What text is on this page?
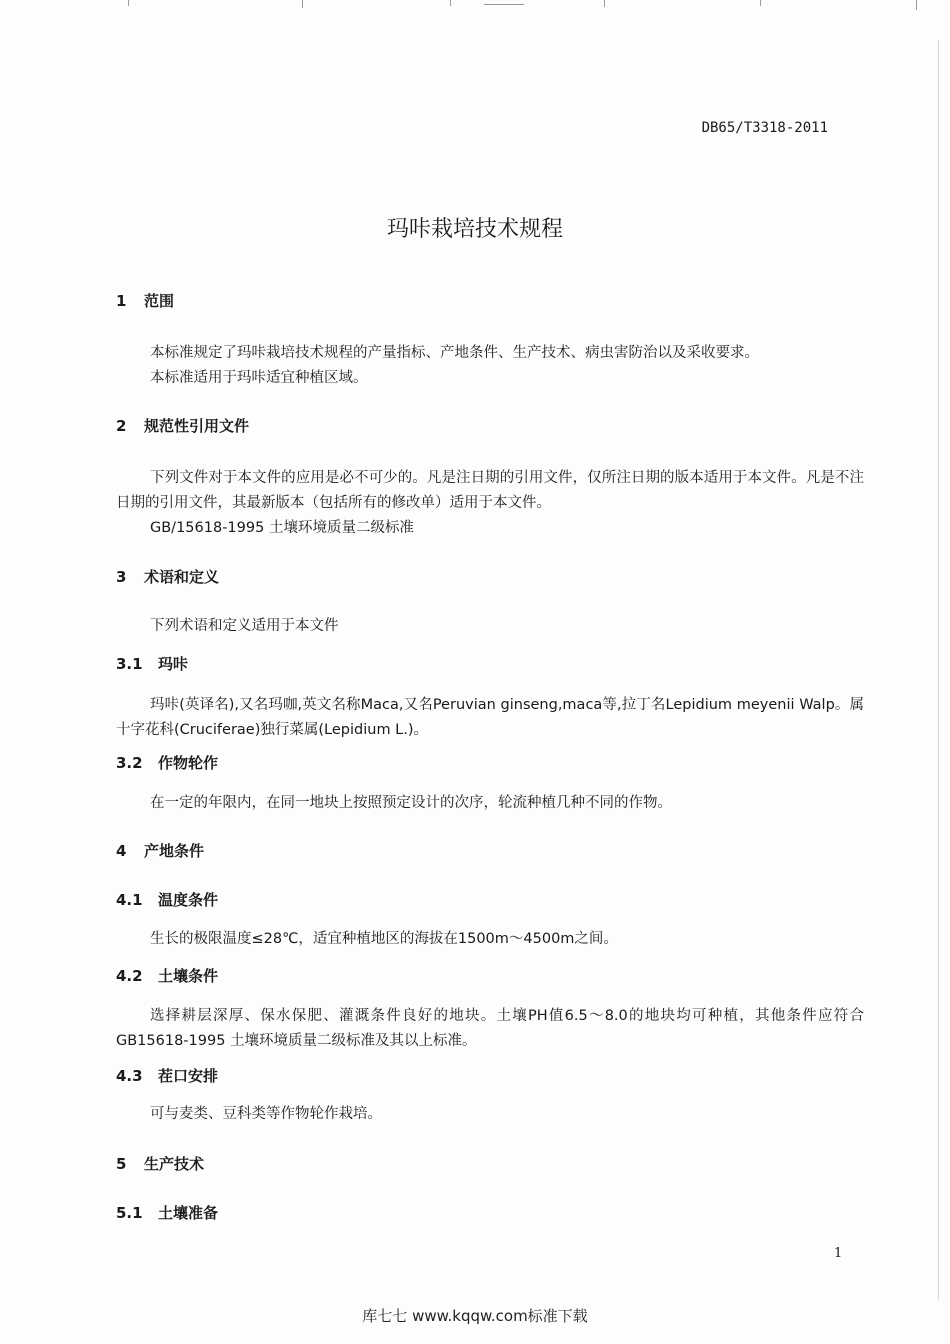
DB65/T3318-2011
玛咔栽培技术规程
1 范围
本标准规定了玛咔栽培技术规程的产量指标、产地条件、生产技术、病虫害防治以及采收要求。
本标准适用于玛咔适宜种植区域。
2 规范性引用文件
下列文件对于本文件的应用是必不可少的。凡是注日期的引用文件，仅所注日期的版本适用于本文件。凡是不注日期的引用文件，其最新版本（包括所有的修改单）适用于本文件。
GB/15618-1995 土壤环境质量二级标准
3 术语和定义
下列术语和定义适用于本文件
3.1 玛咔
玛咔(英译名),又名玛咖,英文名称Maca,又名Peruvian ginseng,maca等,拉丁名Lepidium meyenii Walp。属十字花科(Cruciferae)独行菜属(Lepidium L.)。
3.2 作物轮作
在一定的年限内，在同一地块上按照预定设计的次序，轮流种植几种不同的作物。
4 产地条件
4.1 温度条件
生长的极限温度≤28℃，适宜种植地区的海拔在1500m～4500m之间。
4.2 土壤条件
选择耕层深厚、保水保肥、灌溉条件良好的地块。土壤PH值6.5～8.0的地块均可种植，其他条件应符合GB15618-1995 土壤环境质量二级标准及其以上标准。
4.3 茬口安排
可与麦类、豆科类等作物轮作栽培。
5 生产技术
5.1 土壤准备
1
库七七 www.kqqw.com标准下载
